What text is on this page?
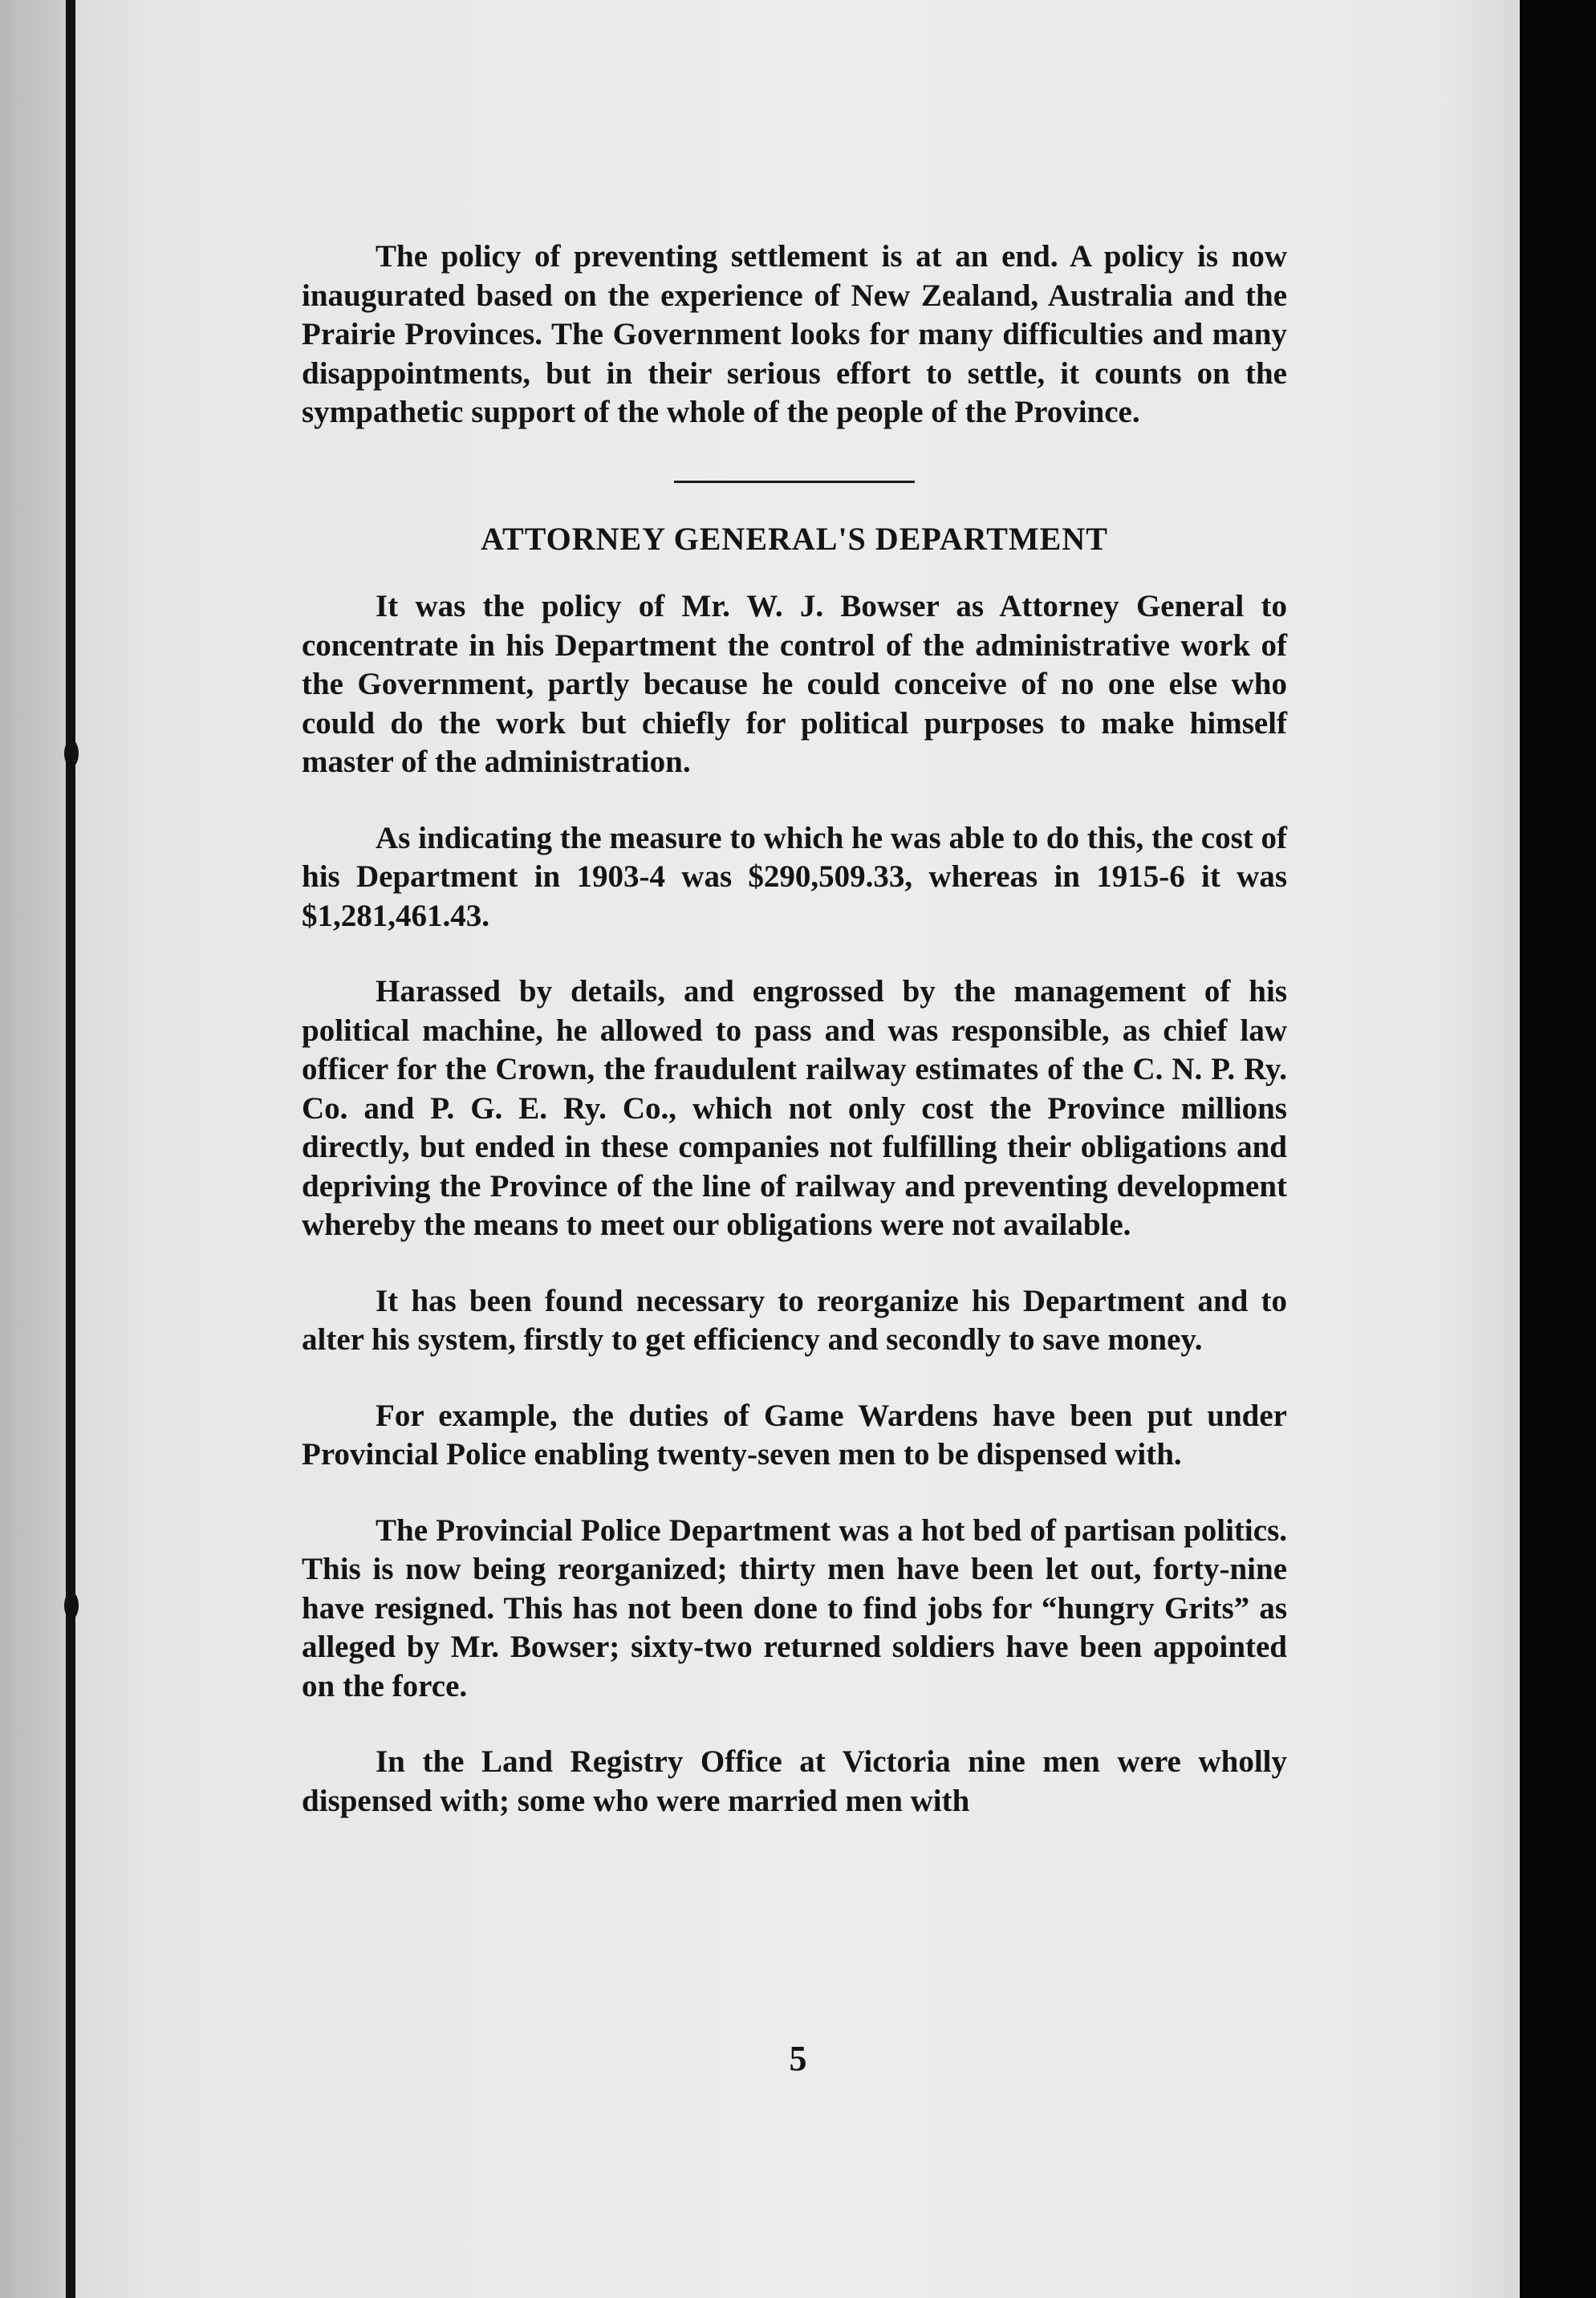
The policy of preventing settlement is at an end. A policy is now inaugurated based on the experience of New Zealand, Australia and the Prairie Provinces. The Government looks for many difficulties and many disappointments, but in their serious effort to settle, it counts on the sympathetic support of the whole of the people of the Province.

ATTORNEY GENERAL'S DEPARTMENT

It was the policy of Mr. W. J. Bowser as Attorney General to concentrate in his Department the control of the administrative work of the Government, partly because he could conceive of no one else who could do the work but chiefly for political purposes to make himself master of the administration.

As indicating the measure to which he was able to do this, the cost of his Department in 1903-4 was $290,509.33, whereas in 1915-6 it was $1,281,461.43.

Harassed by details, and engrossed by the management of his political machine, he allowed to pass and was responsible, as chief law officer for the Crown, the fraudulent railway estimates of the C. N. P. Ry. Co. and P. G. E. Ry. Co., which not only cost the Province millions directly, but ended in these companies not fulfilling their obligations and depriving the Province of the line of railway and preventing development whereby the means to meet our obligations were not available.

It has been found necessary to reorganize his Department and to alter his system, firstly to get efficiency and secondly to save money.

For example, the duties of Game Wardens have been put under Provincial Police enabling twenty-seven men to be dispensed with.

The Provincial Police Department was a hot bed of partisan politics. This is now being reorganized; thirty men have been let out, forty-nine have resigned. This has not been done to find jobs for “hungry Grits” as alleged by Mr. Bowser; sixty-two returned soldiers have been appointed on the force.

In the Land Registry Office at Victoria nine men were wholly dispensed with; some who were married men with

5
